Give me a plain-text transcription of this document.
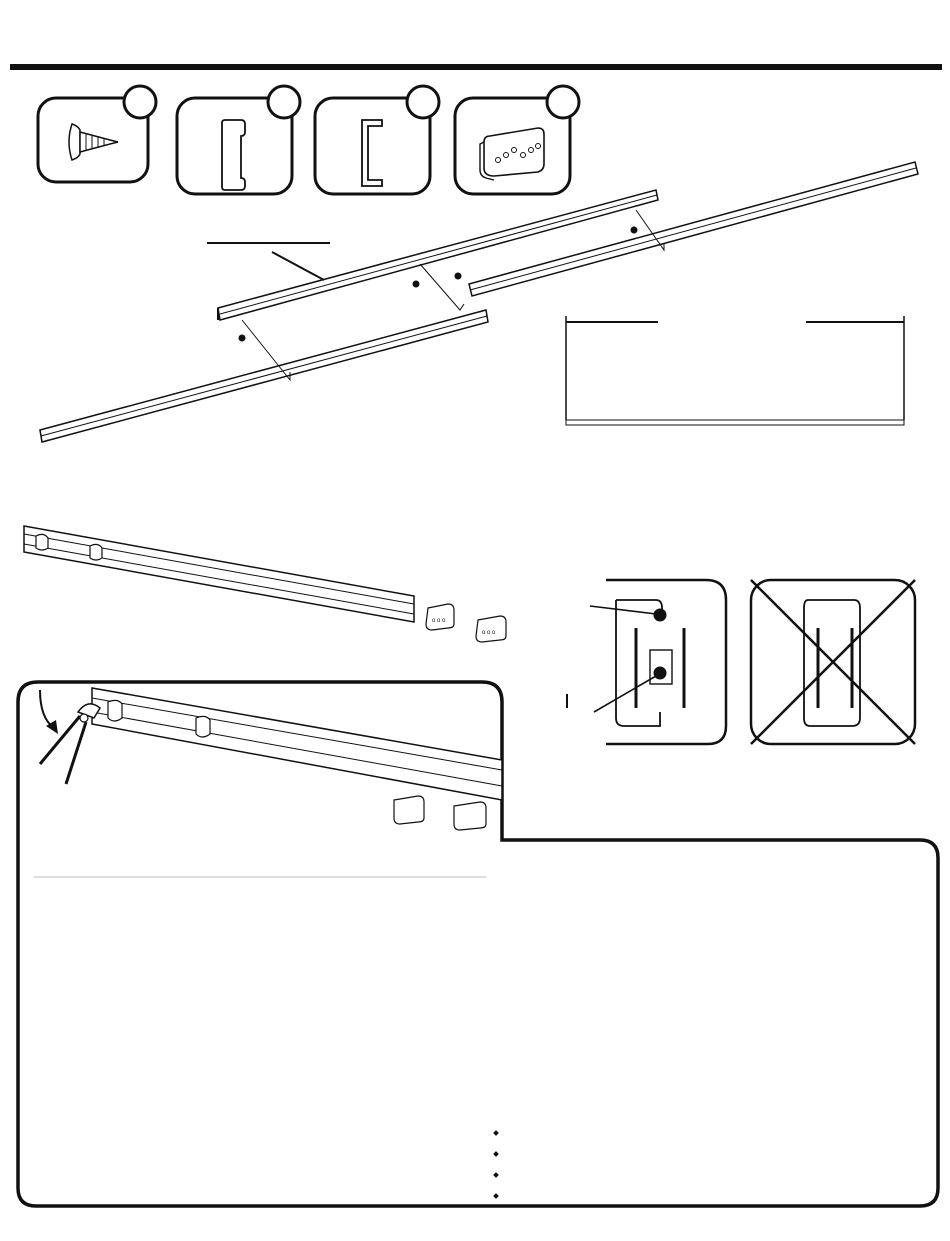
o o o
o o o
